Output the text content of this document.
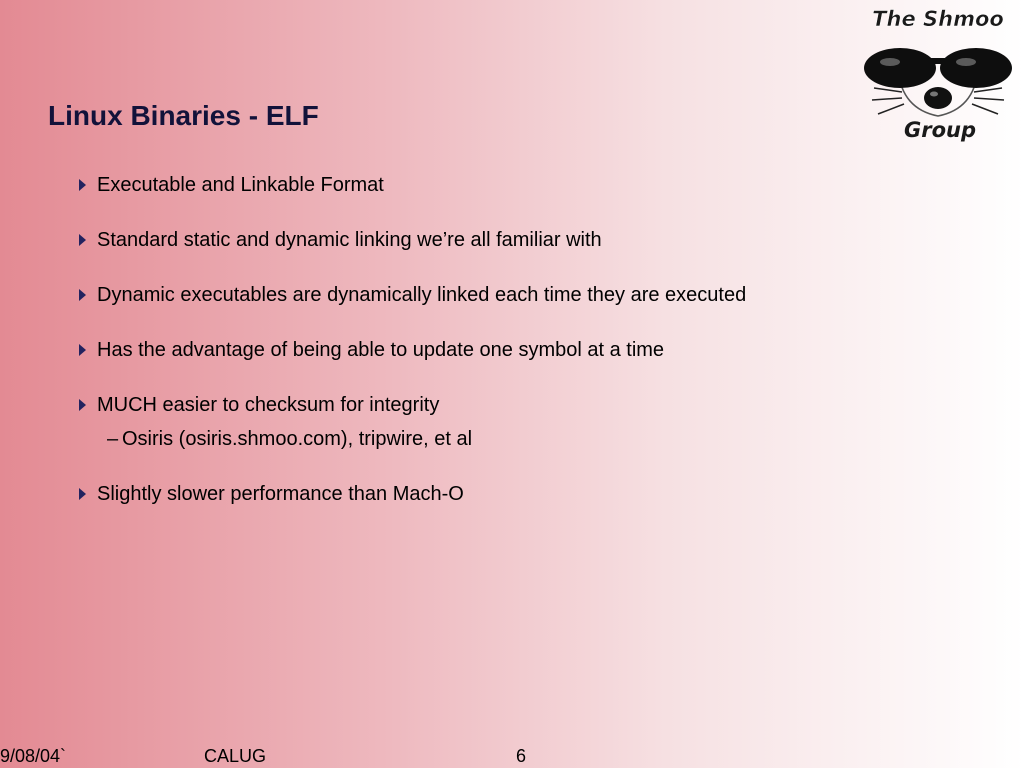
The Shmoo
Group
Linux Binaries - ELF
Executable and Linkable Format
Standard static and dynamic linking we’re all familiar with
Dynamic executables are dynamically linked each time they are executed
Has the advantage of being able to update one symbol at a time
MUCH easier to checksum for integrity
– Osiris (osiris.shmoo.com), tripwire, et al
Slightly slower performance than Mach-O
9/08/04`	CALUG	6
